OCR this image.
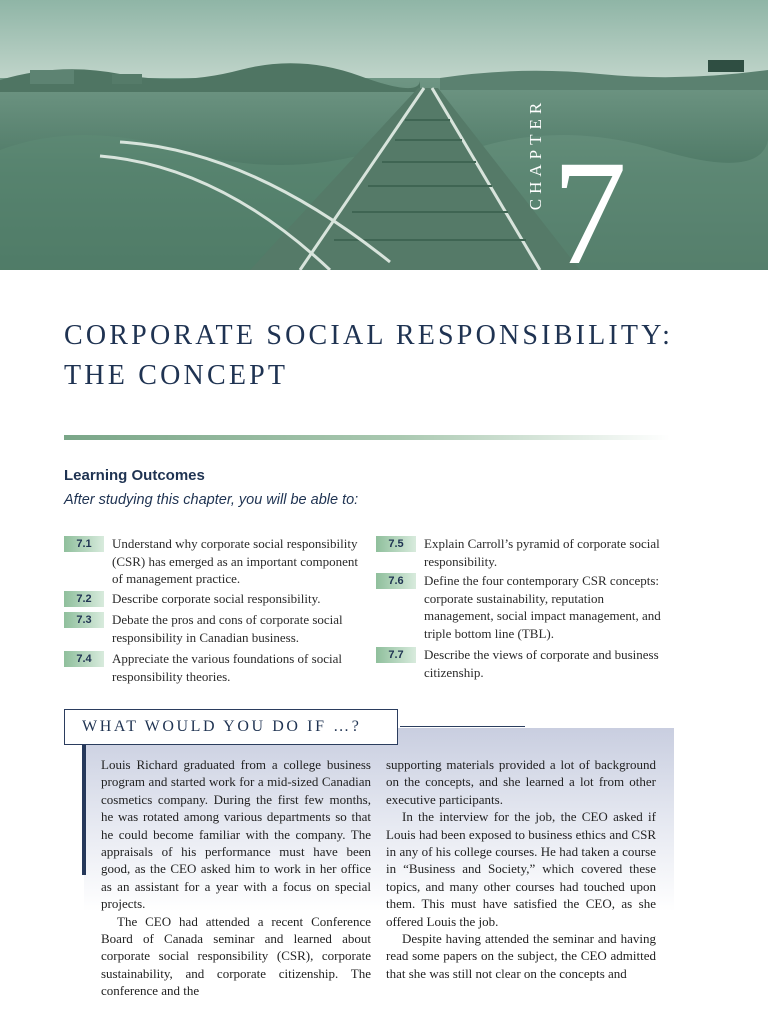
CHAPTER 7
CORPORATE SOCIAL RESPONSIBILITY:
THE CONCEPT
Learning Outcomes
After studying this chapter, you will be able to:
7.1	Understand why corporate social responsibility (CSR) has emerged as an important component of management practice.
7.2	Describe corporate social responsibility.
7.3	Debate the pros and cons of corporate social responsibility in Canadian business.
7.4	Appreciate the various foundations of social responsibility theories.
7.5	Explain Carroll’s pyramid of corporate social responsibility.
7.6	Define the four contemporary CSR concepts: corporate sustainability, reputation management, social impact management, and triple bottom line (TBL).
7.7	Describe the views of corporate and business citizenship.
WHAT WOULD YOU DO IF …?

Louis Richard graduated from a college business program and started work for a mid-sized Canadian cosmetics company. During the first few months, he was rotated among various departments so that he could become familiar with the company. The appraisals of his performance must have been good, as the CEO asked him to work in her office as an assistant for a year with a focus on special projects.

The CEO had attended a recent Conference Board of Canada seminar and learned about corporate social responsibility (CSR), corporate sustainability, and corporate citizenship. The conference and the

supporting materials provided a lot of background on the concepts, and she learned a lot from other executive participants.

In the interview for the job, the CEO asked if Louis had been exposed to business ethics and CSR in any of his college courses. He had taken a course in “Business and Society,” which covered these topics, and many other courses had touched upon them. This must have satisfied the CEO, as she offered Louis the job.

Despite having attended the seminar and having read some papers on the subject, the CEO admitted that she was still not clear on the concepts and
